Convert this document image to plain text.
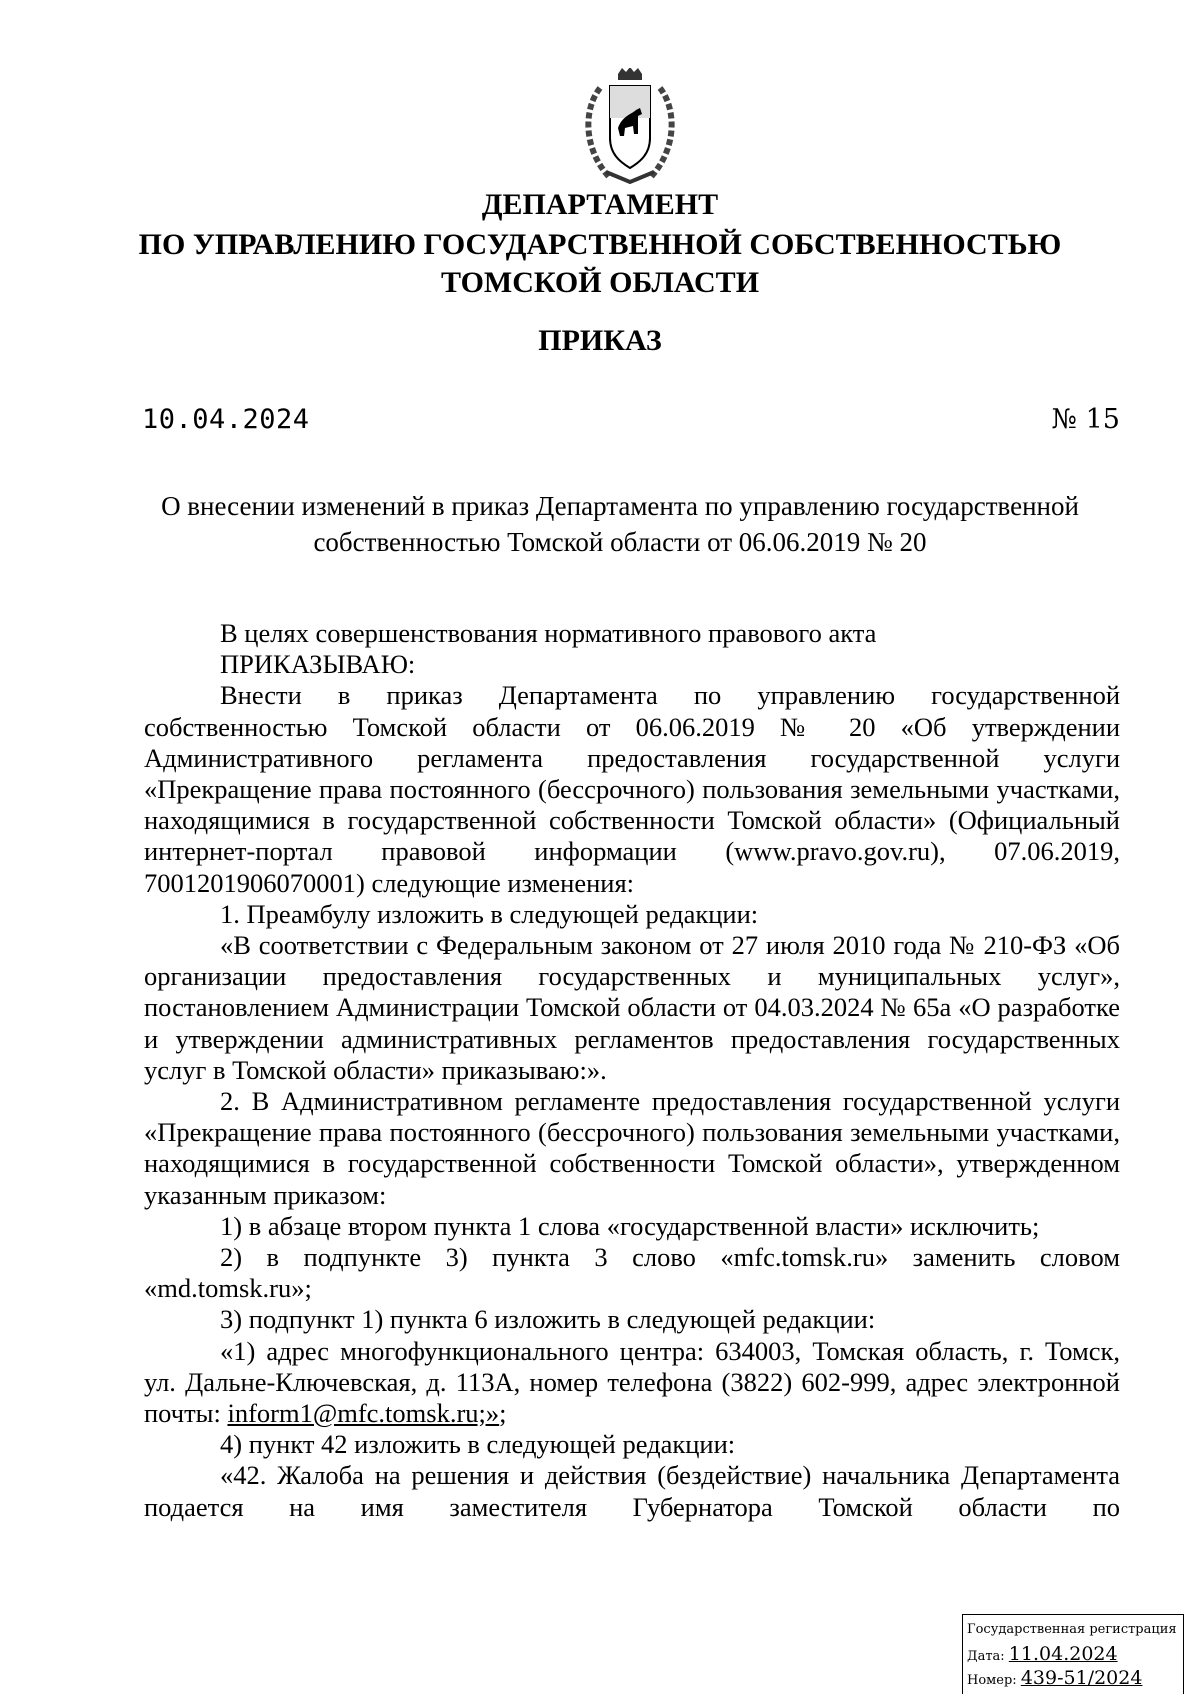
ДЕПАРТАМЕНТ
ПО УПРАВЛЕНИЮ ГОСУДАРСТВЕННОЙ СОБСТВЕННОСТЬЮ
ТОМСКОЙ ОБЛАСТИ
ПРИКАЗ
10.04.2024	№ 15
О внесении изменений в приказ Департамента по управлению государственной
собственностью Томской области от 06.06.2019 № 20

В целях совершенствования нормативного правового акта

ПРИКАЗЫВАЮ:

Внести в приказ Департамента по управлению государственной собственностью Томской области от 06.06.2019 № 20 «Об утверждении Административного регламента предоставления государственной услуги «Прекращение права постоянного (бессрочного) пользования земельными участками, находящимися в государственной собственности Томской области» (Официальный интернет-портал правовой информации (www.pravo.gov.ru), 07.06.2019, 7001201906070001) следующие изменения:

1. Преамбулу изложить в следующей редакции:

«В соответствии с Федеральным законом от 27 июля 2010 года № 210-ФЗ «Об организации предоставления государственных и муниципальных услуг», постановлением Администрации Томской области от 04.03.2024 № 65а «О разработке и утверждении административных регламентов предоставления государственных услуг в Томской области» приказываю:».

2. В Административном регламенте предоставления государственной услуги «Прекращение права постоянного (бессрочного) пользования земельными участками, находящимися в государственной собственности Томской области», утвержденном указанным приказом:

1) в абзаце втором пункта 1 слова «государственной власти» исключить;

2) в подпункте 3) пункта 3 слово «mfc.tomsk.ru» заменить словом «md.tomsk.ru»;

3) подпункт 1) пункта 6 изложить в следующей редакции:

«1) адрес многофункционального центра: 634003, Томская область, г. Томск, ул. Дальне-Ключевская, д. 113А, номер телефона (3822) 602-999, адрес электронной почты: inform1@mfc.tomsk.ru;»;

4) пункт 42 изложить в следующей редакции:

«42. Жалоба на решения и действия (бездействие) начальника Департамента подается на имя заместителя Губернатора Томской области по

Государственная регистрация
Дата: 11.04.2024
Номер: 439-51/2024
